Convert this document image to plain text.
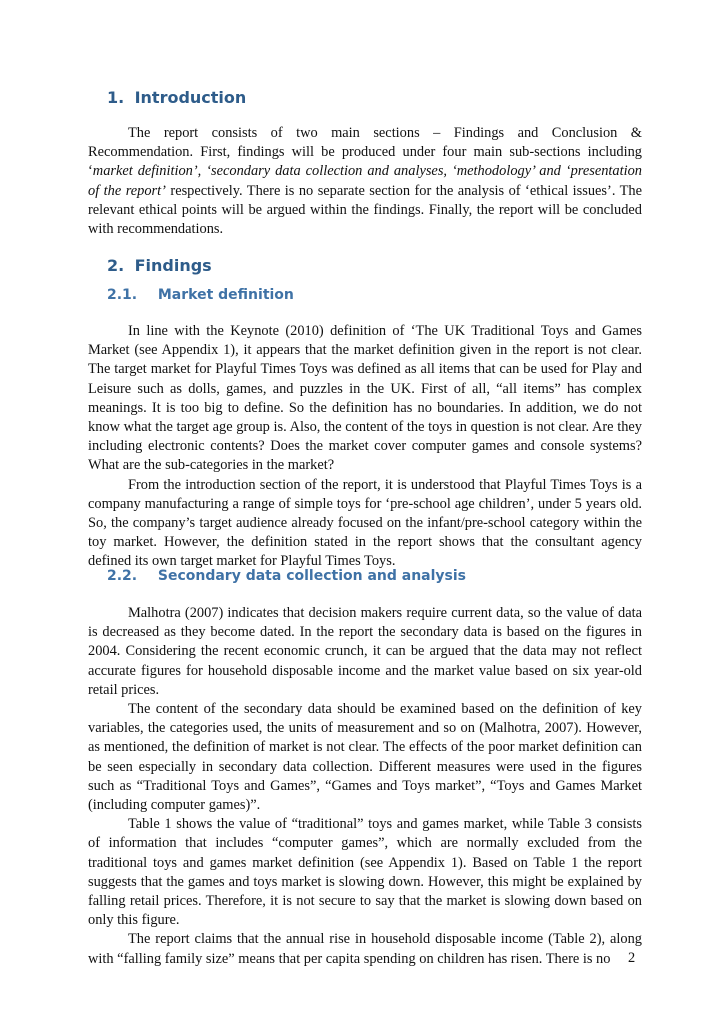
1. Introduction

The report consists of two main sections – Findings and Conclusion & Recommendation. First, findings will be produced under four main sub-sections including ‘market definition’, ‘secondary data collection and analyses, ‘methodology’ and ‘presentation of the report’ respectively. There is no separate section for the analysis of ‘ethical issues’. The relevant ethical points will be argued within the findings. Finally, the report will be concluded with recommendations.

2. Findings
2.1. Market definition

In line with the Keynote (2010) definition of ‘The UK Traditional Toys and Games Market (see Appendix 1), it appears that the market definition given in the report is not clear. The target market for Playful Times Toys was defined as all items that can be used for Play and Leisure such as dolls, games, and puzzles in the UK. First of all, “all items” has complex meanings. It is too big to define. So the definition has no boundaries. In addition, we do not know what the target age group is. Also, the content of the toys in question is not clear. Are they including electronic contents? Does the market cover computer games and console systems? What are the sub-categories in the market?

From the introduction section of the report, it is understood that Playful Times Toys is a company manufacturing a range of simple toys for ‘pre-school age children’, under 5 years old. So, the company’s target audience already focused on the infant/pre-school category within the toy market. However, the definition stated in the report shows that the consultant agency defined its own target market for Playful Times Toys.

2.2. Secondary data collection and analysis

Malhotra (2007) indicates that decision makers require current data, so the value of data is decreased as they become dated. In the report the secondary data is based on the figures in 2004. Considering the recent economic crunch, it can be argued that the data may not reflect accurate figures for household disposable income and the market value based on six year-old retail prices.

The content of the secondary data should be examined based on the definition of key variables, the categories used, the units of measurement and so on (Malhotra, 2007). However, as mentioned, the definition of market is not clear. The effects of the poor market definition can be seen especially in secondary data collection. Different measures were used in the figures such as “Traditional Toys and Games”, “Games and Toys market”, “Toys and Games Market (including computer games)”.

Table 1 shows the value of “traditional” toys and games market, while Table 3 consists of information that includes “computer games”, which are normally excluded from the traditional toys and games market definition (see Appendix 1). Based on Table 1 the report suggests that the games and toys market is slowing down. However, this might be explained by falling retail prices. Therefore, it is not secure to say that the market is slowing down based on only this figure.

The report claims that the annual rise in household disposable income (Table 2), along with “falling family size” means that per capita spending on children has risen. There is no	2
